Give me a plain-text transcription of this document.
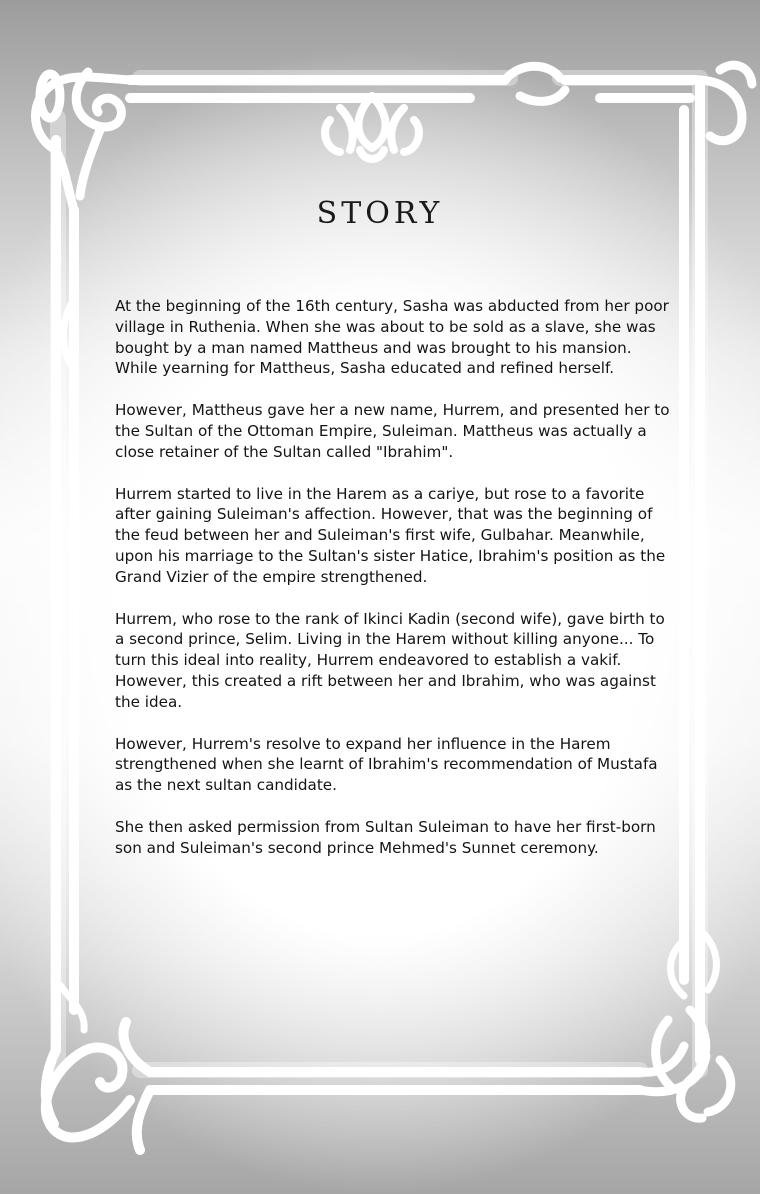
STORY

At the beginning of the 16th century, Sasha was abducted from her poor village in Ruthenia. When she was about to be sold as a slave, she was bought by a man named Mattheus and was brought to his mansion. While yearning for Mattheus, Sasha educated and refined herself.

However, Mattheus gave her a new name, Hurrem, and presented her to the Sultan of the Ottoman Empire, Suleiman. Mattheus was actually a close retainer of the Sultan called "Ibrahim".

Hurrem started to live in the Harem as a cariye, but rose to a favorite after gaining Suleiman's affection. However, that was the beginning of the feud between her and Suleiman's first wife, Gulbahar. Meanwhile, upon his marriage to the Sultan's sister Hatice, Ibrahim's position as the Grand Vizier of the empire strengthened.

Hurrem, who rose to the rank of Ikinci Kadin (second wife), gave birth to a second prince, Selim. Living in the Harem without killing anyone... To turn this ideal into reality, Hurrem endeavored to establish a vakif. However, this created a rift between her and Ibrahim, who was against the idea.

However, Hurrem's resolve to expand her influence in the Harem strengthened when she learnt of Ibrahim's recommendation of Mustafa as the next sultan candidate.

She then asked permission from Sultan Suleiman to have her first-born son and Suleiman's second prince Mehmed's Sunnet ceremony.
